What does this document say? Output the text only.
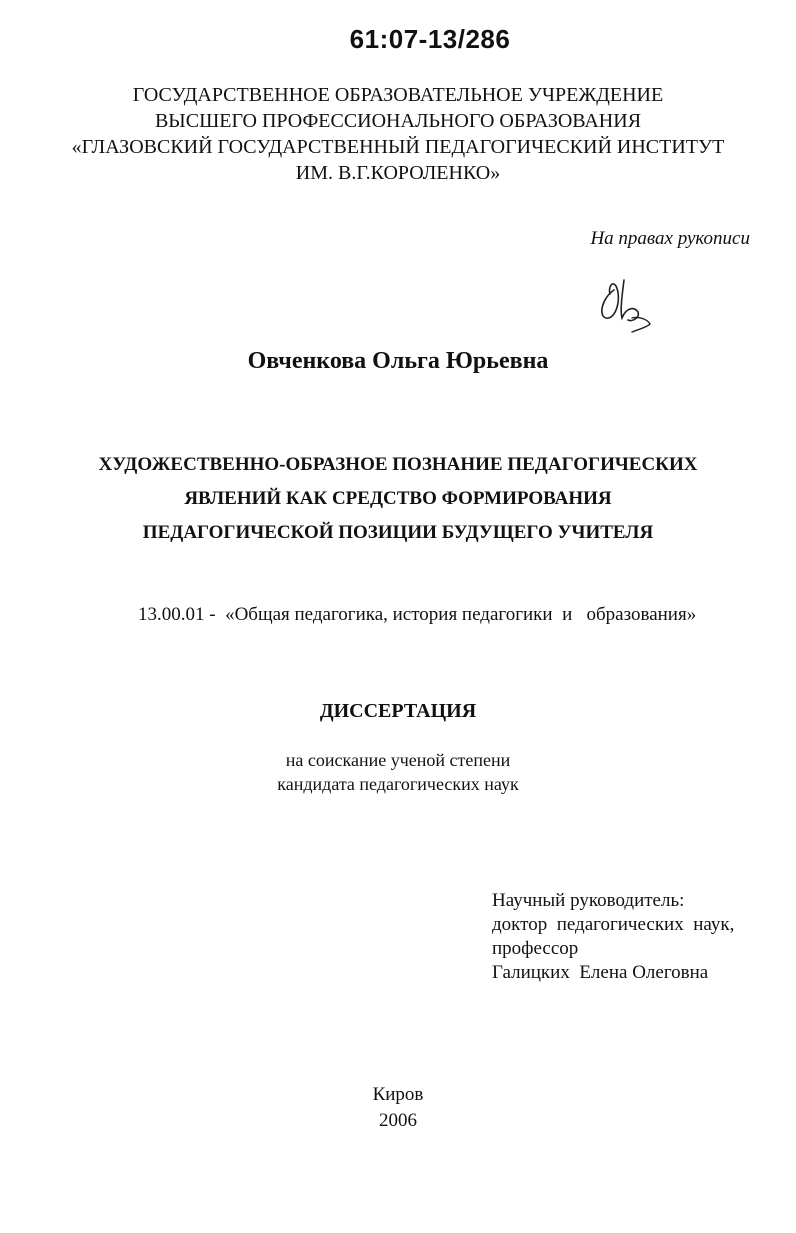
61:07-13/286
ГОСУДАРСТВЕННОЕ ОБРАЗОВАТЕЛЬНОЕ УЧРЕЖДЕНИЕ
ВЫСШЕГО ПРОФЕССИОНАЛЬНОГО ОБРАЗОВАНИЯ
«ГЛАЗОВСКИЙ ГОСУДАРСТВЕННЫЙ ПЕДАГОГИЧЕСКИЙ ИНСТИТУТ
ИМ. В.Г.КОРОЛЕНКО»
На правах рукописи
Овченкова Ольга Юрьевна
ХУДОЖЕСТВЕННО-ОБРАЗНОЕ ПОЗНАНИЕ ПЕДАГОГИЧЕСКИХ
ЯВЛЕНИЙ КАК СРЕДСТВО ФОРМИРОВАНИЯ
ПЕДАГОГИЧЕСКОЙ ПОЗИЦИИ БУДУЩЕГО УЧИТЕЛЯ
13.00.01 -  «Общая педагогика, история педагогики  и   образования»
ДИССЕРТАЦИЯ
на соискание ученой степени
кандидата педагогических наук
Научный руководитель:
доктор  педагогических  наук,
профессор
Галицких  Елена Олеговна
Киров
2006
